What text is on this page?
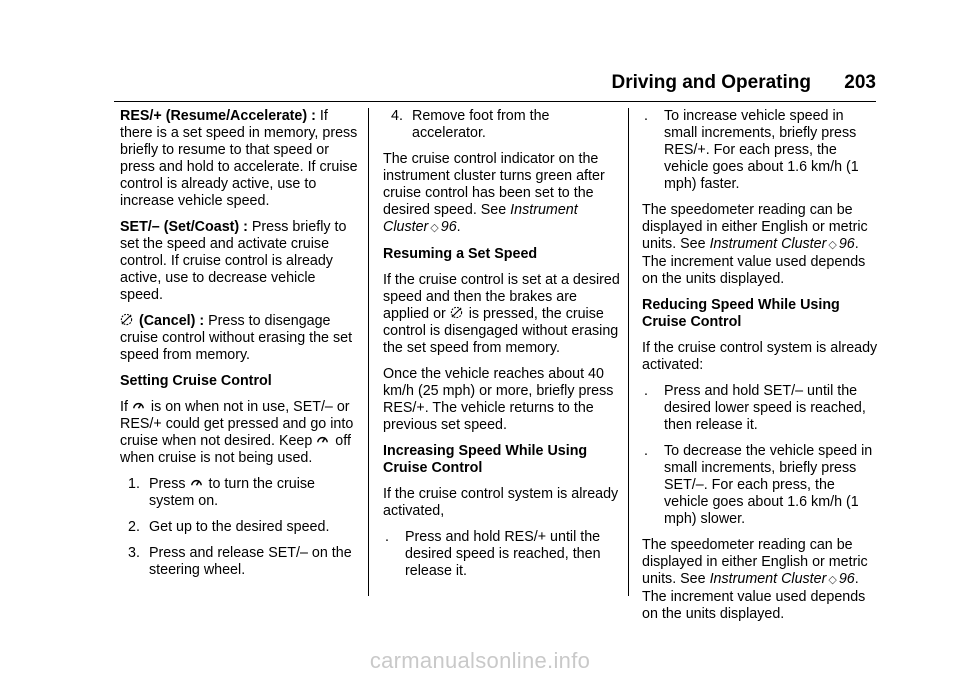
Driving and Operating 203

RES/+ (Resume/Accelerate) : If there is a set speed in memory, press briefly to resume to that speed or press and hold to accelerate. If cruise control is already active, use to increase vehicle speed.

SET/– (Set/Coast) : Press briefly to set the speed and activate cruise control. If cruise control is already active, use to decrease vehicle speed.

(Cancel) : Press to disengage cruise control without erasing the set speed from memory.

Setting Cruise Control

If  is on when not in use, SET/– or RES/+ could get pressed and go into cruise when not desired. Keep  off when cruise is not being used.

1. Press  to turn the cruise system on.
2. Get up to the desired speed.
3. Press and release SET/– on the steering wheel.
4. Remove foot from the accelerator.

The cruise control indicator on the instrument cluster turns green after cruise control has been set to the desired speed. See Instrument Cluster ◇ 96.

Resuming a Set Speed

If the cruise control is set at a desired speed and then the brakes are applied or  is pressed, the cruise control is disengaged without erasing the set speed from memory.

Once the vehicle reaches about 40 km/h (25 mph) or more, briefly press RES/+. The vehicle returns to the previous set speed.

Increasing Speed While Using Cruise Control

If the cruise control system is already activated,

.	Press and hold RES/+ until the desired speed is reached, then release it.
.	To increase vehicle speed in small increments, briefly press RES/+. For each press, the vehicle goes about 1.6 km/h (1 mph) faster.

The speedometer reading can be displayed in either English or metric units. See Instrument Cluster ◇ 96. The increment value used depends on the units displayed.

Reducing Speed While Using Cruise Control

If the cruise control system is already activated:

.	Press and hold SET/– until the desired lower speed is reached, then release it.
.	To decrease the vehicle speed in small increments, briefly press SET/–. For each press, the vehicle goes about 1.6 km/h (1 mph) slower.

The speedometer reading can be displayed in either English or metric units. See Instrument Cluster ◇ 96. The increment value used depends on the units displayed.

carmanualsonline.info
